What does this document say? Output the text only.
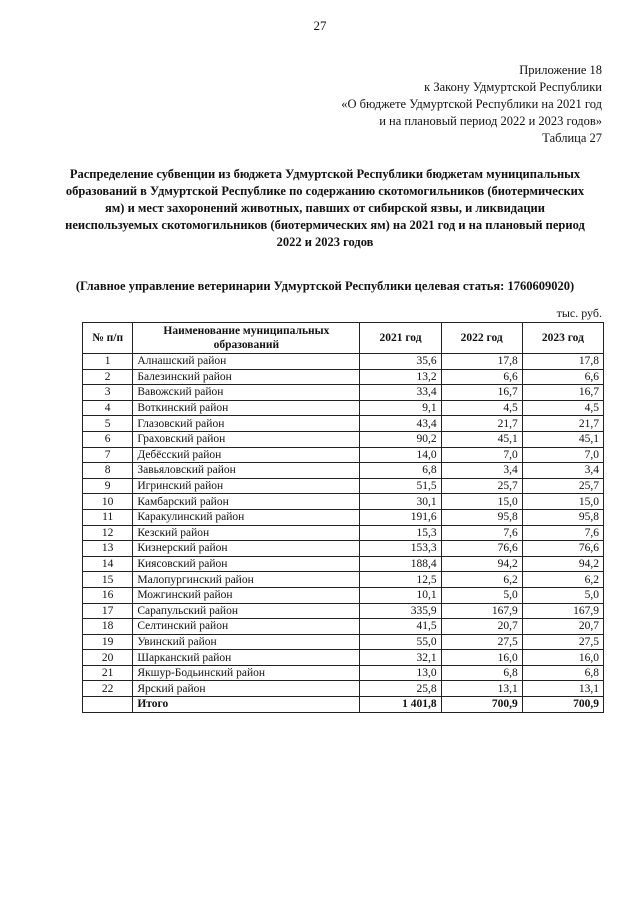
27
Приложение 18
к Закону Удмуртской Республики
«О бюджете Удмуртской Республики на 2021 год
и на плановый период 2022 и 2023 годов»
Таблица 27
Распределение субвенции из бюджета Удмуртской Республики бюджетам муниципальных образований в Удмуртской Республике по содержанию скотомогильников (биотермических ям) и мест захоронений животных, павших от сибирской язвы, и ликвидации неиспользуемых скотомогильников (биотермических ям) на 2021 год и на плановый период 2022 и 2023 годов
(Главное управление ветеринарии Удмуртской Республики целевая статья: 1760609020)
тыс. руб.
№ п/п	Наименование муниципальных образований	2021 год	2022 год	2023 год
1	Алнашский район	35,6	17,8	17,8
2	Балезинский район	13,2	6,6	6,6
3	Вавожский район	33,4	16,7	16,7
4	Воткинский район	9,1	4,5	4,5
5	Глазовский район	43,4	21,7	21,7
6	Граховский район	90,2	45,1	45,1
7	Дебёсский район	14,0	7,0	7,0
8	Завьяловский район	6,8	3,4	3,4
9	Игринский район	51,5	25,7	25,7
10	Камбарский район	30,1	15,0	15,0
11	Каракулинский район	191,6	95,8	95,8
12	Кезский район	15,3	7,6	7,6
13	Кизнерский район	153,3	76,6	76,6
14	Киясовский район	188,4	94,2	94,2
15	Малопургинский район	12,5	6,2	6,2
16	Можгинский район	10,1	5,0	5,0
17	Сарапульский район	335,9	167,9	167,9
18	Селтинский район	41,5	20,7	20,7
19	Увинский район	55,0	27,5	27,5
20	Шарканский район	32,1	16,0	16,0
21	Якшур-Бодьинский район	13,0	6,8	6,8
22	Ярский район	25,8	13,1	13,1
	Итого	1 401,8	700,9	700,9
